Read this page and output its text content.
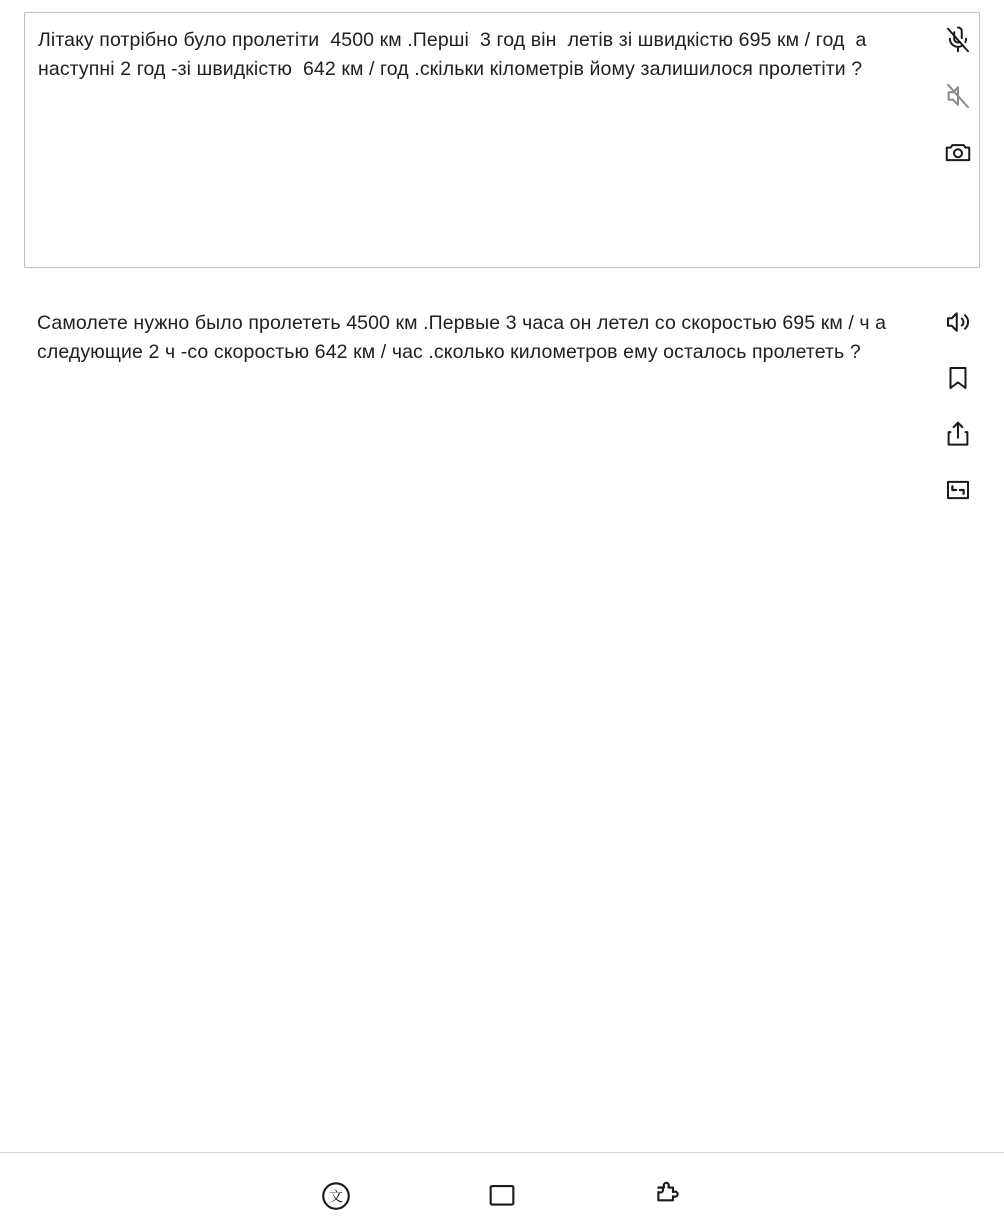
Літаку потрібно було пролетіти  4500 км .Перші  3 год він  летів зі швидкістю 695 км / год  а наступні 2 год -зі швидкістю  642 км / год .скільки кілометрів йому залишилося пролетіти ?
Самолете нужно было пролететь 4500 км .Первые 3 часа он летел со скоростью 695 км / ч а следующие 2 ч -со скоростью 642 км / час .сколько километров ему осталось пролететь ?
文
